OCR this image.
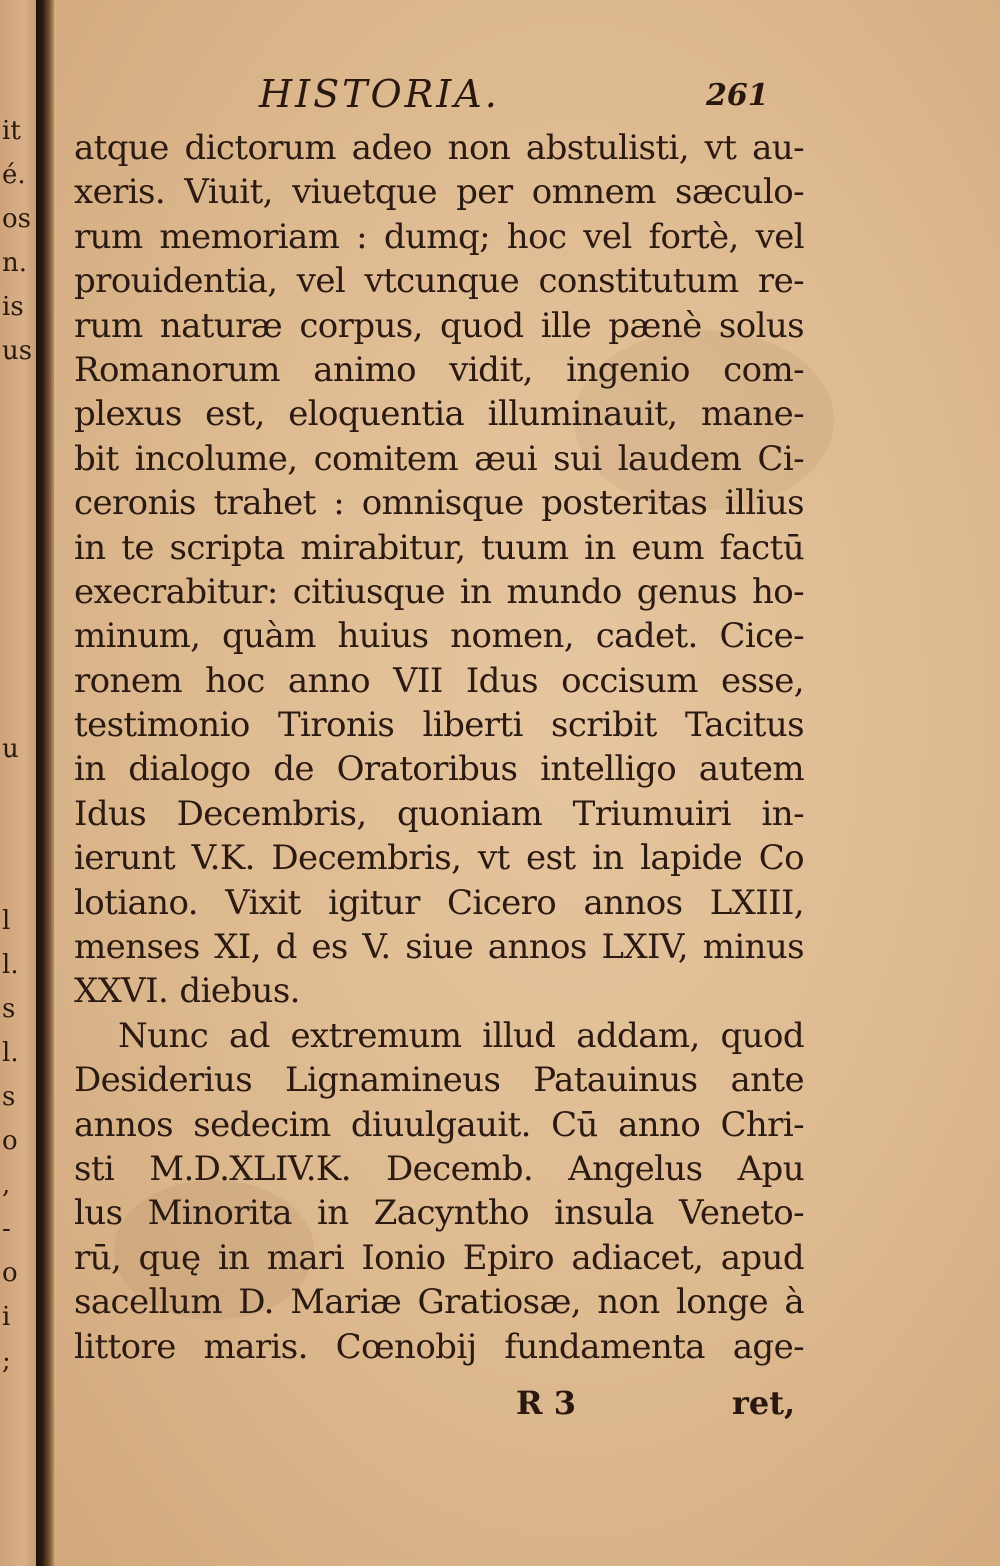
it
é.
os
n.
is
us
u
l
l.
s
l.
s
o
,
-
o
i
;
HISTORIA.	261
atque dictorum adeo non abstulisti, vt au-
xeris. Viuit, viuetque per omnem sæculo-
rum memoriam : dumq; hoc vel fortè, vel
prouidentia, vel vtcunque constitutum re-
rum naturæ corpus, quod ille pænè solus
Romanorum animo vidit, ingenio com-
plexus est, eloquentia illuminauit, mane-
bit incolume, comitem æui sui laudem Ci-
ceronis trahet : omnisque posteritas illius
in te scripta mirabitur, tuum in eum factū
execrabitur: citiusque in mundo genus ho-
minum, quàm huius nomen, cadet. Cice-
ronem hoc anno VII Idus occisum esse,
testimonio Tironis liberti scribit Tacitus
in dialogo de Oratoribus intelligo autem
Idus Decembris, quoniam Triumuiri in-
ierunt V.K. Decembris, vt est in lapide Co
lotiano. Vixit igitur Cicero annos LXIII,
menses XI, d es V. siue annos LXIV, minus
XXVI. diebus.
Nunc ad extremum illud addam, quod
Desiderius Lignamineus Patauinus ante
annos sedecim diuulgauit. Cū anno Chri-
sti M.D.XLIV.K. Decemb. Angelus Apu
lus Minorita in Zacyntho insula Veneto-
rū, quę in mari Ionio Epiro adiacet, apud
sacellum D. Mariæ Gratiosæ, non longe à
littore maris. Cœnobij fundamenta age-
R 3	ret,
